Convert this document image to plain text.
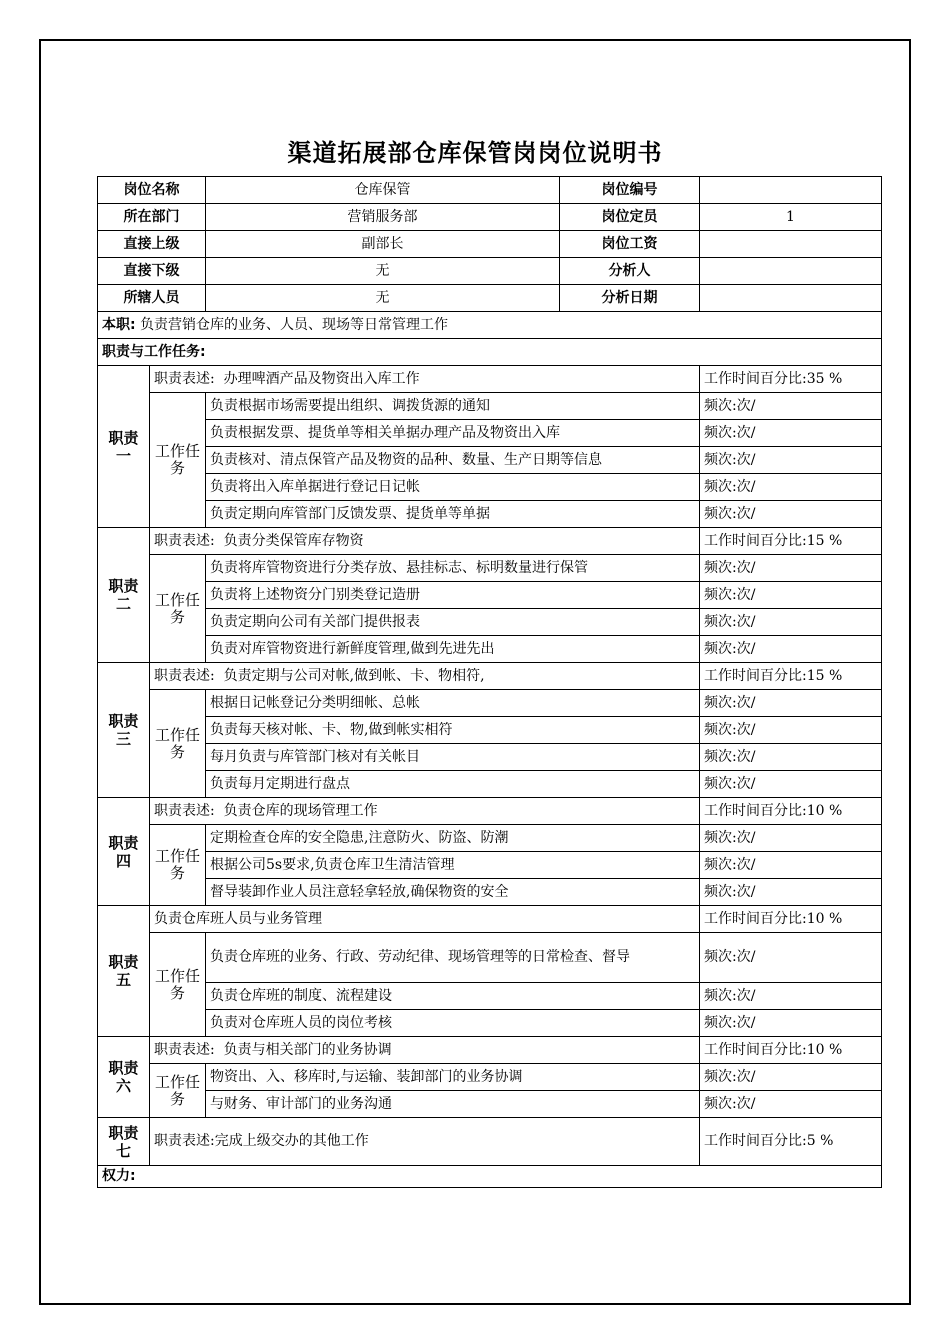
渠道拓展部仓库保管岗岗位说明书
岗位名称		仓库保管	岗位编号	
所在部门		营销服务部	岗位定员	1
直接上级		副部长	岗位工资	
直接下级		无	分析人	
所辖人员		无	分析日期	
本职: 负责营销仓库的业务、人员、现场等日常管理工作				
职责与工作任务:				
职责一	职责表述: 办理啤酒产品及物资出入库工作			工作时间百分比:35 %
	工作任务	负责根据市场需要提出组织、调拨货源的通知		频次:次/
		负责根据发票、提货单等相关单据办理产品及物资出入库		频次:次/
		负责核对、清点保管产品及物资的品种、数量、生产日期等信息		频次:次/
		负责将出入库单据进行登记日记帐		频次:次/
		负责定期向库管部门反馈发票、提货单等单据		频次:次/
职责二	职责表述: 负责分类保管库存物资			工作时间百分比:15 %
	工作任务	负责将库管物资进行分类存放、悬挂标志、标明数量进行保管		频次:次/
		负责将上述物资分门别类登记造册		频次:次/
		负责定期向公司有关部门提供报表		频次:次/
		负责对库管物资进行新鲜度管理,做到先进先出		频次:次/
职责三	职责表述: 负责定期与公司对帐,做到帐、卡、物相符,			工作时间百分比:15 %
	工作任务	根据日记帐登记分类明细帐、总帐		频次:次/
		负责每天核对帐、卡、物,做到帐实相符		频次:次/
		每月负责与库管部门核对有关帐目		频次:次/
		负责每月定期进行盘点		频次:次/
职责四	职责表述: 负责仓库的现场管理工作			工作时间百分比:10 %
	工作任务	定期检查仓库的安全隐患,注意防火、防盗、防潮		频次:次/
		根据公司5s要求,负责仓库卫生清洁管理		频次:次/
		督导装卸作业人员注意轻拿轻放,确保物资的安全		频次:次/
职责五	负责仓库班人员与业务管理			工作时间百分比:10 %
	工作任务	负责仓库班的业务、行政、劳动纪律、现场管理等的日常检查、督导		频次:次/
		负责仓库班的制度、流程建设		频次:次/
		负责对仓库班人员的岗位考核		频次:次/
职责六	职责表述: 负责与相关部门的业务协调			工作时间百分比:10 %
	工作任务	物资出、入、移库时,与运输、装卸部门的业务协调		频次:次/
		与财务、审计部门的业务沟通		频次:次/
职责七	职责表述:完成上级交办的其他工作			工作时间百分比:5 %
权力:				
